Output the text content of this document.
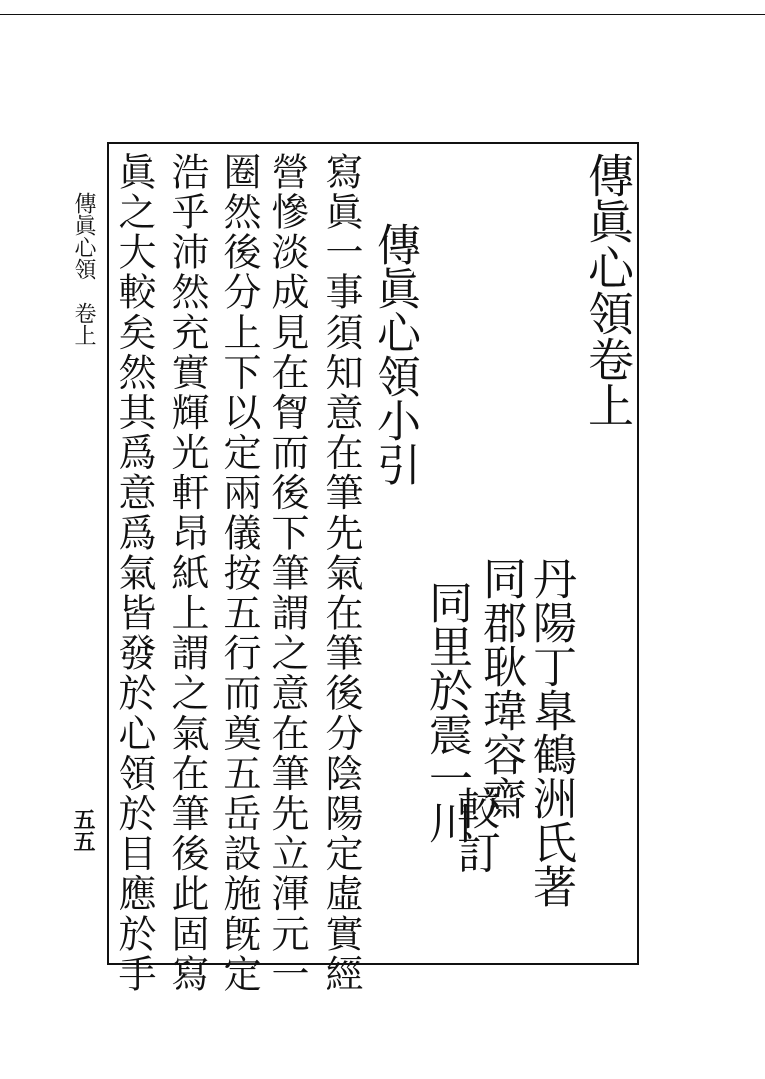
傳眞心領
卷上
五五
傳眞心領卷上
丹陽丁臯鶴洲氏著
同郡耿瑋容齋
同里於震一川
較訂
傳眞心領小引
寫眞一事須知意在筆先氣在筆後分陰陽定虛實經
營慘淡成見在胷而後下筆謂之意在筆先立渾元一
圈然後分上下以定兩儀按五行而奠五岳設施旣定
浩乎沛然充實輝光軒昂紙上謂之氣在筆後此固寫
眞之大較矣然其爲意爲氣皆發於心領於目應於手
